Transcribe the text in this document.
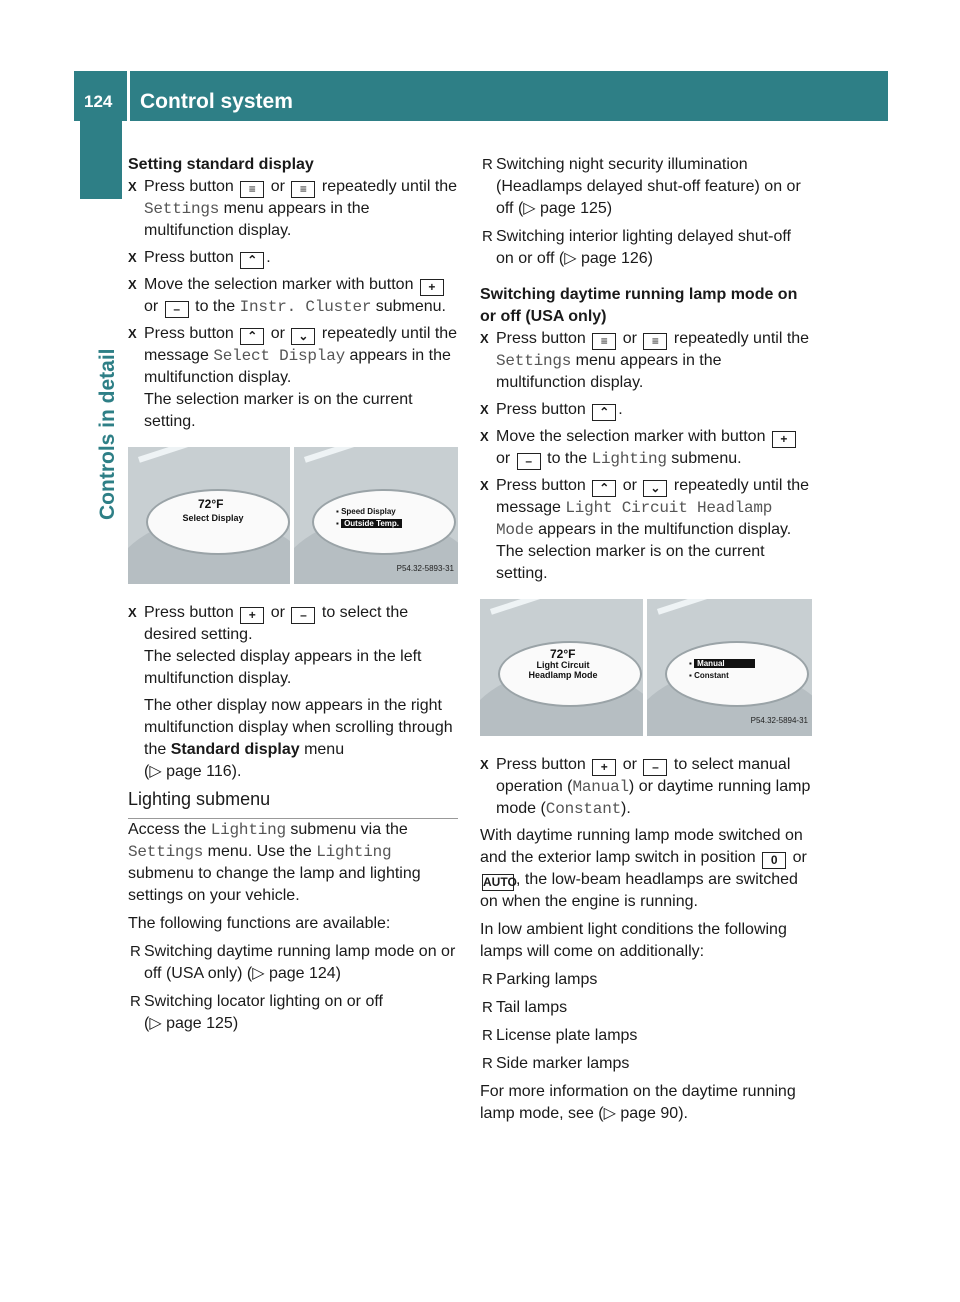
124 Control system
Controls in detail

Setting standard display

X Press button ≡ or ≡ repeatedly until the Settings menu appears in the multifunction display.
X Press button ⌃ .
X Move the selection marker with button + or – to the Instr. Cluster submenu.
X Press button ⌃ or ⌄ repeatedly until the message Select Display appears in the multifunction display.
The selection marker is on the current setting.
72°F
Select Display
▪ Speed Display
▪ Outside Temp.
P54.32-5893-31
X Press button + or – to select the desired setting.
The selected display appears in the left multifunction display.

The other display now appears in the right multifunction display when scrolling through the Standard display menu
(▷ page 116).

Lighting submenu

Access the Lighting submenu via the
Settings menu. Use the Lighting submenu to change the lamp and lighting settings on your vehicle.

The following functions are available:

R Switching daytime running lamp mode on or off (USA only) (▷ page 124)
R Switching locator lighting on or off
(▷ page 125)
R Switching night security illumination (Headlamps delayed shut-off feature) on or off (▷ page 125)
R Switching interior lighting delayed shut-off on or off (▷ page 126)

Switching daytime running lamp mode on or off (USA only)

X Press button ≡ or ≡ repeatedly until the Settings menu appears in the multifunction display.
X Press button ⌃ .
X Move the selection marker with button + or – to the Lighting submenu.
X Press button ⌃ or ⌄ repeatedly until the message Light Circuit Headlamp Mode appears in the multifunction display.
The selection marker is on the current setting.
72°F
Light Circuit
Headlamp Mode
▪ Manual
▪ Constant
P54.32-5894-31
X Press button + or – to select manual operation (Manual) or daytime running lamp mode (Constant).

With daytime running lamp mode switched on and the exterior lamp switch in position 0 or AUTO, the low-beam headlamps are switched on when the engine is running.

In low ambient light conditions the following lamps will come on additionally:

R Parking lamps
R Tail lamps
R License plate lamps
R Side marker lamps

For more information on the daytime running lamp mode, see (▷ page 90).
